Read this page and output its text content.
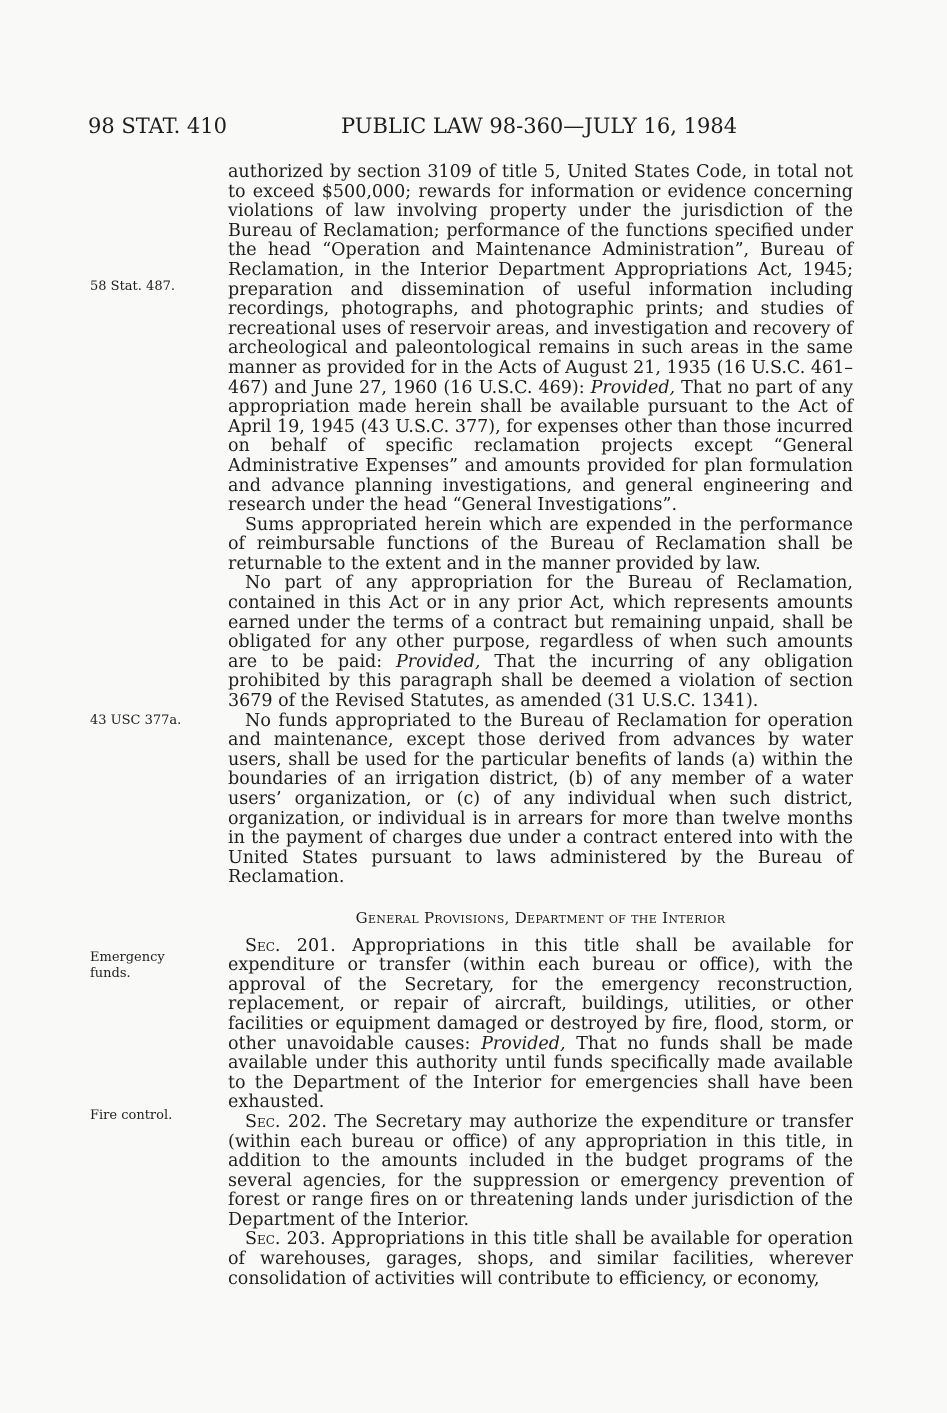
98 STAT. 410	PUBLIC LAW 98-360—JULY 16, 1984
58 Stat. 487.
43 USC 377a.
Emergency
funds.
Fire control.

authorized by section 3109 of title 5, United States Code, in total not to exceed $500,000; rewards for information or evidence concerning violations of law involving property under the jurisdiction of the Bureau of Reclamation; performance of the functions specified under the head “Operation and Maintenance Administration”, Bureau of Reclamation, in the Interior Department Appropriations Act, 1945; preparation and dissemination of useful information including recordings, photographs, and photographic prints; and studies of recreational uses of reservoir areas, and investigation and recovery of archeological and paleontological remains in such areas in the same manner as provided for in the Acts of August 21, 1935 (16 U.S.C. 461–467) and June 27, 1960 (16 U.S.C. 469): Provided, That no part of any appropriation made herein shall be available pursuant to the Act of April 19, 1945 (43 U.S.C. 377), for expenses other than those incurred on behalf of specific reclamation projects except “General Administrative Expenses” and amounts provided for plan formulation and advance planning investigations, and general engineering and research under the head “General Investigations”.

Sums appropriated herein which are expended in the performance of reimbursable functions of the Bureau of Reclamation shall be returnable to the extent and in the manner provided by law.

No part of any appropriation for the Bureau of Reclamation, contained in this Act or in any prior Act, which represents amounts earned under the terms of a contract but remaining unpaid, shall be obligated for any other purpose, regardless of when such amounts are to be paid: Provided, That the incurring of any obligation prohibited by this paragraph shall be deemed a violation of section 3679 of the Revised Statutes, as amended (31 U.S.C. 1341).

No funds appropriated to the Bureau of Reclamation for operation and maintenance, except those derived from advances by water users, shall be used for the particular benefits of lands (a) within the boundaries of an irrigation district, (b) of any member of a water users’ organization, or (c) of any individual when such district, organization, or individual is in arrears for more than twelve months in the payment of charges due under a contract entered into with the United States pursuant to laws administered by the Bureau of Reclamation.

General Provisions, Department of the Interior

Sec. 201. Appropriations in this title shall be available for expenditure or transfer (within each bureau or office), with the approval of the Secretary, for the emergency reconstruction, replacement, or repair of aircraft, buildings, utilities, or other facilities or equipment damaged or destroyed by fire, flood, storm, or other unavoidable causes: Provided, That no funds shall be made available under this authority until funds specifically made available to the Department of the Interior for emergencies shall have been exhausted.

Sec. 202. The Secretary may authorize the expenditure or transfer (within each bureau or office) of any appropriation in this title, in addition to the amounts included in the budget programs of the several agencies, for the suppression or emergency prevention of forest or range fires on or threatening lands under jurisdiction of the Department of the Interior.

Sec. 203. Appropriations in this title shall be available for operation of warehouses, garages, shops, and similar facilities, wherever consolidation of activities will contribute to efficiency, or economy,
